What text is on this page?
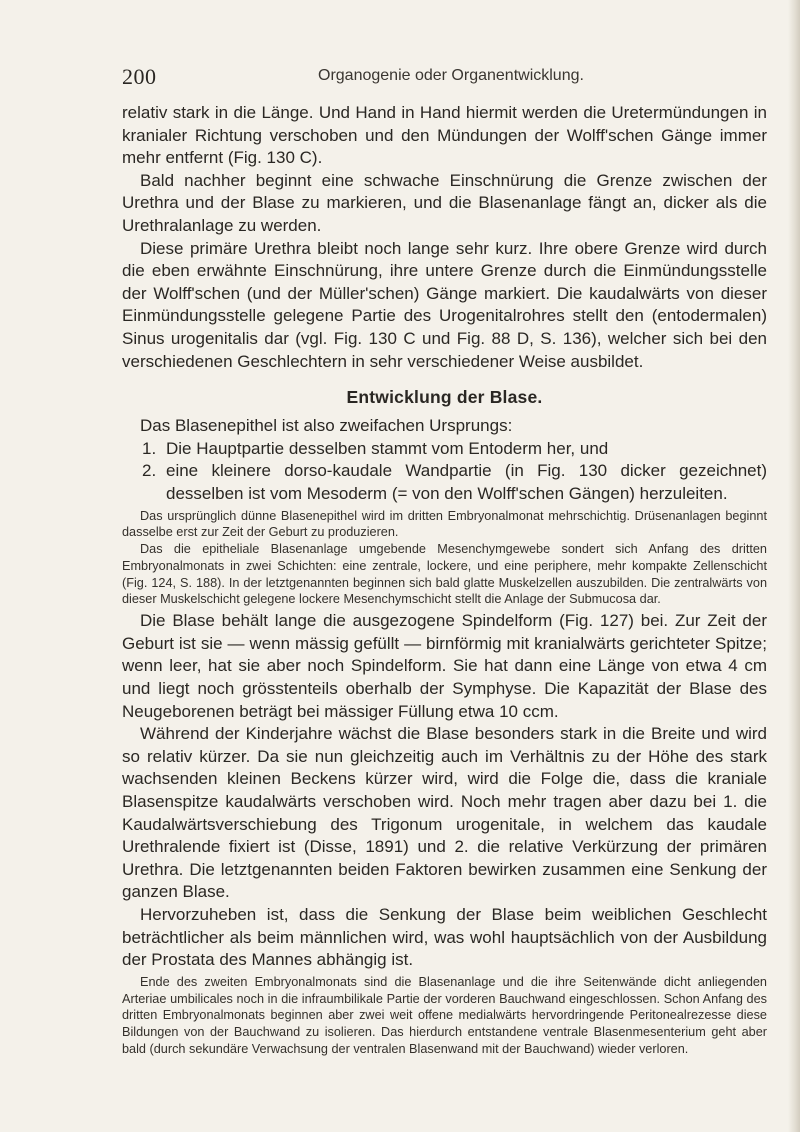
200	Organogenie oder Organentwicklung.

relativ stark in die Länge. Und Hand in Hand hiermit werden die Uretermündungen in kranialer Richtung verschoben und den Mündungen der Wolff'schen Gänge immer mehr entfernt (Fig. 130 C).

Bald nachher beginnt eine schwache Einschnürung die Grenze zwischen der Urethra und der Blase zu markieren, und die Blasenanlage fängt an, dicker als die Urethralanlage zu werden.

Diese primäre Urethra bleibt noch lange sehr kurz. Ihre obere Grenze wird durch die eben erwähnte Einschnürung, ihre untere Grenze durch die Einmündungsstelle der Wolff'schen (und der Müller'schen) Gänge markiert. Die kaudalwärts von dieser Einmündungsstelle gelegene Partie des Urogenitalrohres stellt den (entodermalen) Sinus urogenitalis dar (vgl. Fig. 130 C und Fig. 88 D, S. 136), welcher sich bei den verschiedenen Geschlechtern in sehr verschiedener Weise ausbildet.

Entwicklung der Blase.

Das Blasenepithel ist also zweifachen Ursprungs:

1. Die Hauptpartie desselben stammt vom Entoderm her, und
2. eine kleinere dorso-kaudale Wandpartie (in Fig. 130 dicker gezeichnet) desselben ist vom Mesoderm (= von den Wolff'schen Gängen) herzuleiten.

Das ursprünglich dünne Blasenepithel wird im dritten Embryonalmonat mehrschichtig. Drüsenanlagen beginnt dasselbe erst zur Zeit der Geburt zu produzieren.

Das die epitheliale Blasenanlage umgebende Mesenchymgewebe sondert sich Anfang des dritten Embryonalmonats in zwei Schichten: eine zentrale, lockere, und eine periphere, mehr kompakte Zellenschicht (Fig. 124, S. 188). In der letztgenannten beginnen sich bald glatte Muskelzellen auszubilden. Die zentralwärts von dieser Muskelschicht gelegene lockere Mesenchymschicht stellt die Anlage der Submucosa dar.

Die Blase behält lange die ausgezogene Spindelform (Fig. 127) bei. Zur Zeit der Geburt ist sie — wenn mässig gefüllt — birnförmig mit kranialwärts gerichteter Spitze; wenn leer, hat sie aber noch Spindelform. Sie hat dann eine Länge von etwa 4 cm und liegt noch grösstenteils oberhalb der Symphyse. Die Kapazität der Blase des Neugeborenen beträgt bei mässiger Füllung etwa 10 ccm.

Während der Kinderjahre wächst die Blase besonders stark in die Breite und wird so relativ kürzer. Da sie nun gleichzeitig auch im Verhältnis zu der Höhe des stark wachsenden kleinen Beckens kürzer wird, wird die Folge die, dass die kraniale Blasenspitze kaudalwärts verschoben wird. Noch mehr tragen aber dazu bei 1. die Kaudalwärtsverschiebung des Trigonum urogenitale, in welchem das kaudale Urethralende fixiert ist (Disse, 1891) und 2. die relative Verkürzung der primären Urethra. Die letztgenannten beiden Faktoren bewirken zusammen eine Senkung der ganzen Blase.

Hervorzuheben ist, dass die Senkung der Blase beim weiblichen Geschlecht beträchtlicher als beim männlichen wird, was wohl hauptsächlich von der Ausbildung der Prostata des Mannes abhängig ist.

Ende des zweiten Embryonalmonats sind die Blasenanlage und die ihre Seitenwände dicht anliegenden Arteriae umbilicales noch in die infraumbilikale Partie der vorderen Bauchwand eingeschlossen. Schon Anfang des dritten Embryonalmonats beginnen aber zwei weit offene medialwärts hervordringende Peritonealrezesse diese Bildungen von der Bauchwand zu isolieren. Das hierdurch entstandene ventrale Blasenmesenterium geht aber bald (durch sekundäre Verwachsung der ventralen Blasenwand mit der Bauchwand) wieder verloren.
